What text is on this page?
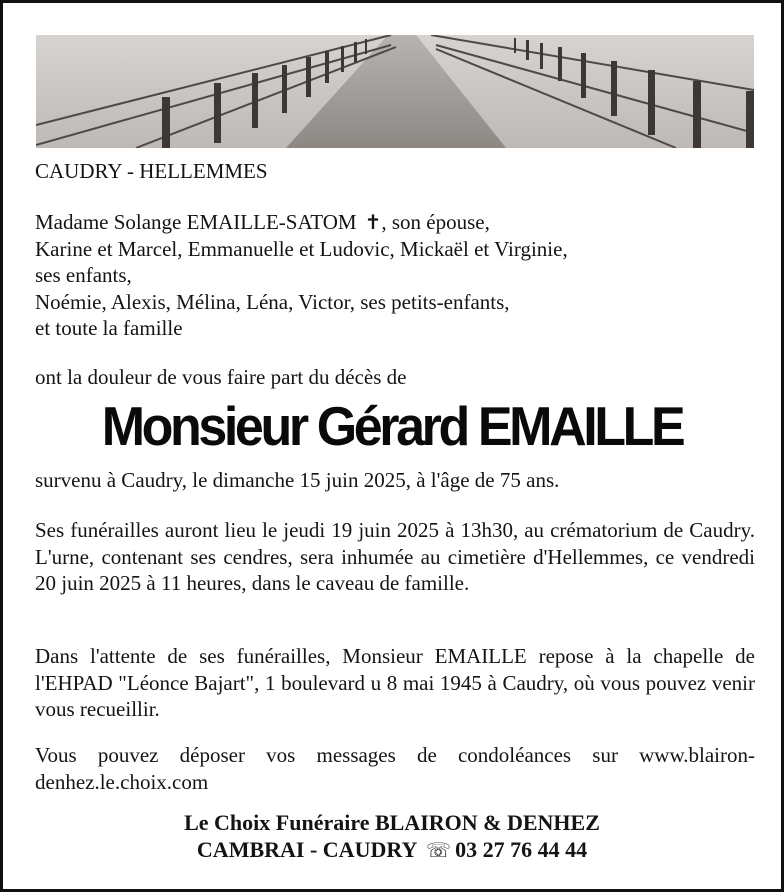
CAUDRY - HELLEMMES
Madame Solange EMAILLE-SATOM ✝, son épouse,
Karine et Marcel, Emmanuelle et Ludovic, Mickaël et Virginie,
ses enfants,
Noémie, Alexis, Mélina, Léna, Victor, ses petits-enfants,
et toute la famille
ont la douleur de vous faire part du décès de
Monsieur Gérard EMAILLE
survenu à Caudry, le dimanche 15 juin 2025, à l'âge de 75 ans.
Ses funérailles auront lieu le jeudi 19 juin 2025 à 13h30, au crématorium de Caudry. L'urne, contenant ses cendres, sera inhumée au cimetière d'Hellemmes, ce vendredi 20 juin 2025 à 11 heures, dans le caveau de famille.
Dans l'attente de ses funérailles, Monsieur EMAILLE repose à la chapelle de l'EHPAD "Léonce Bajart", 1 boulevard u 8 mai 1945 à Caudry, où vous pouvez venir vous recueillir.
Vous pouvez déposer vos messages de condoléances sur www.blairon-denhez.le.choix.com
Le Choix Funéraire BLAIRON & DENHEZ
CAMBRAI - CAUDRY ☏ 03 27 76 44 44
